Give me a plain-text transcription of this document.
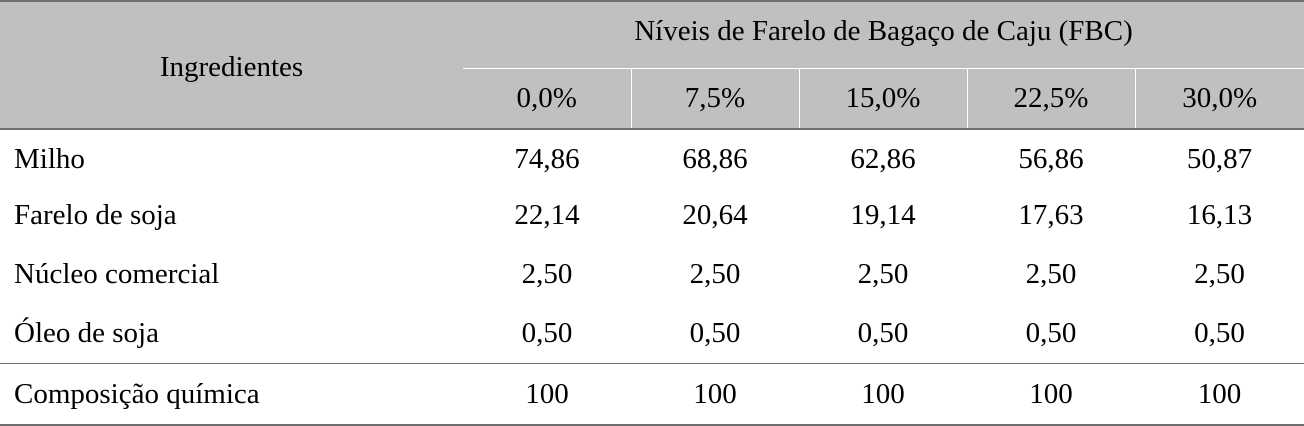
Ingredientes	Níveis de Farelo de Bagaço de Caju (FBC)				
	0,0%	7,5%	15,0%	22,5%	30,0%
Milho	74,86	68,86	62,86	56,86	50,87
Farelo de soja	22,14	20,64	19,14	17,63	16,13
Núcleo comercial	2,50	2,50	2,50	2,50	2,50
Óleo de soja	0,50	0,50	0,50	0,50	0,50
Composição química	100	100	100	100	100
